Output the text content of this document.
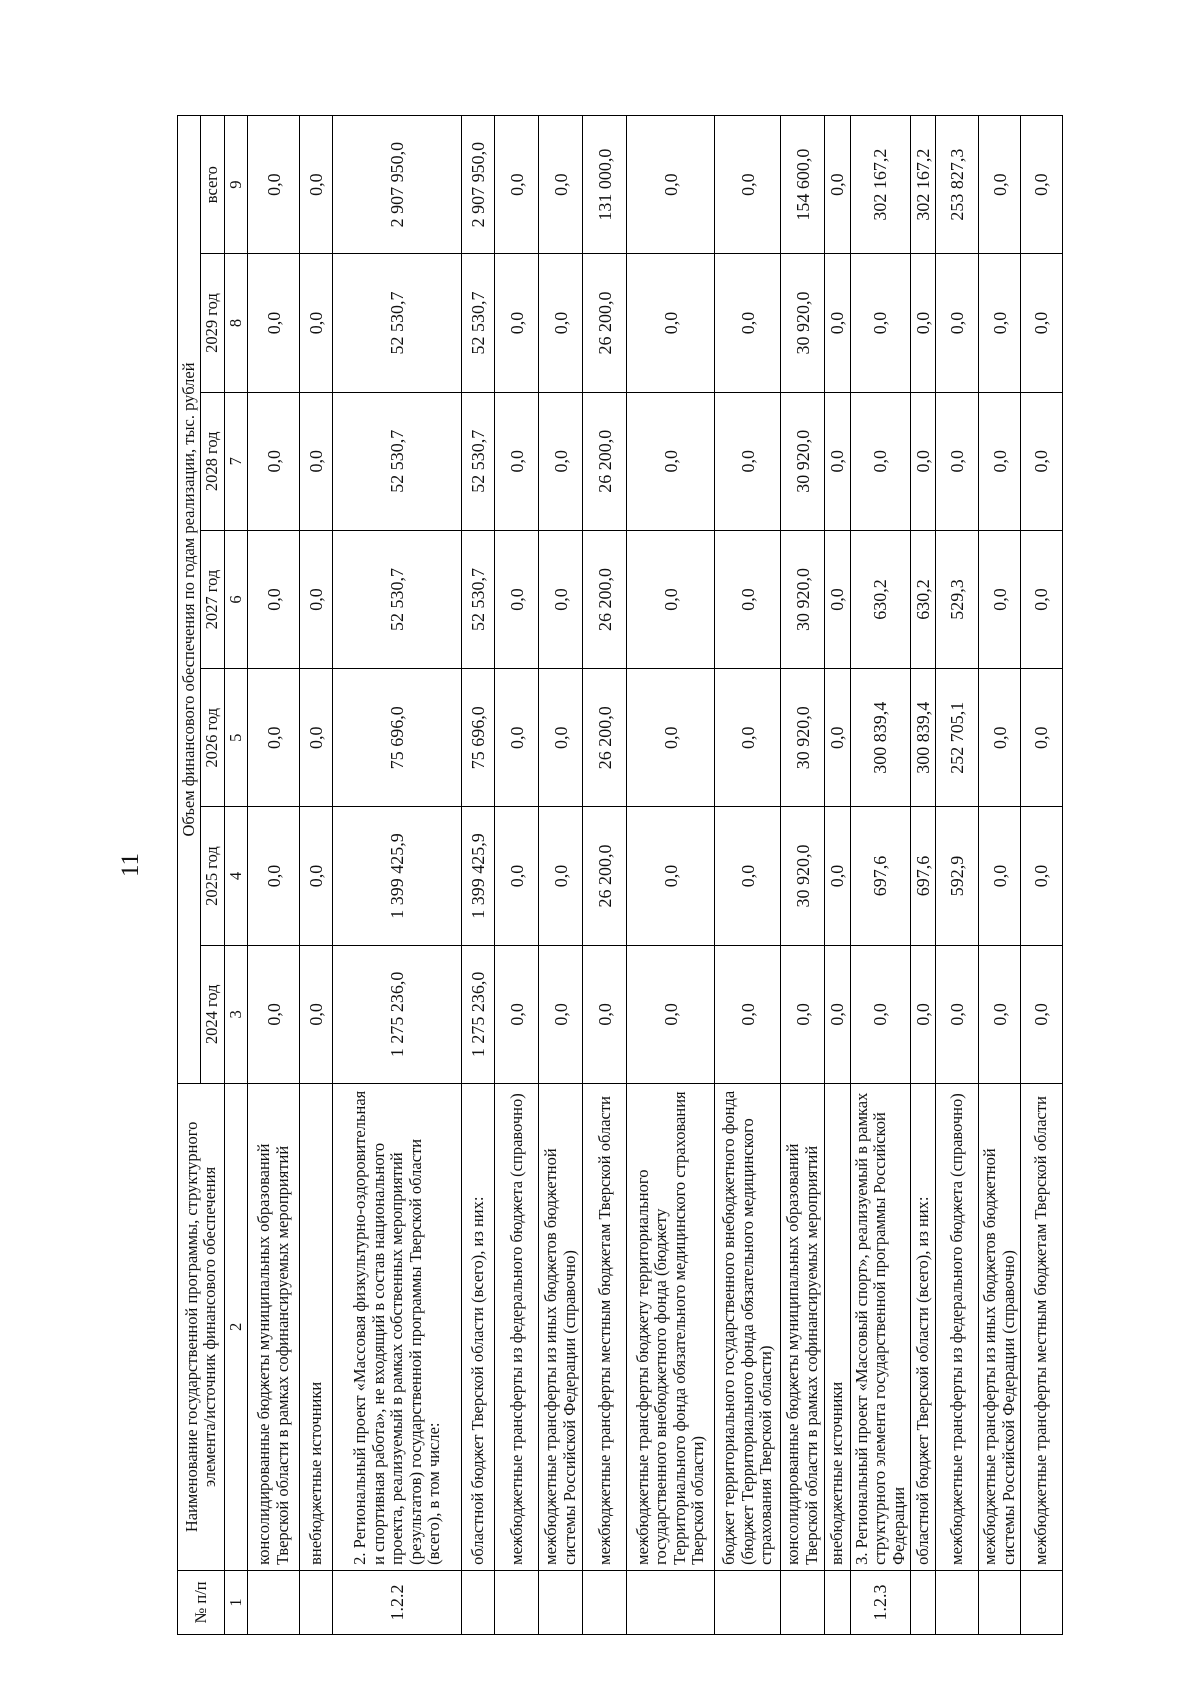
11
№ п/п	Наименование государственной программы, структурного элемента/источник финансового обеспечения	Объем финансового обеспечения по годам реализации, тыс. рублей						
		2024 год	2025 год	2026 год	2027 год	2028 год	2029 год	всего
1	2	3	4	5	6	7	8	9
	консолидированные бюджеты муниципальных образований Тверской области в рамках софинансируемых мероприятий	0,0	0,0	0,0	0,0	0,0	0,0	0,0
	внебюджетные источники	0,0	0,0	0,0	0,0	0,0	0,0	0,0
1.2.2	2. Региональный проект «Массовая физкультурно-оздоровительная и спортивная работа», не входящий в состав национального проекта, реализуемый в рамках собственных мероприятий (результатов) государственной программы Тверской области (всего), в том числе:	1 275 236,0	1 399 425,9	75 696,0	52 530,7	52 530,7	52 530,7	2 907 950,0
	областной бюджет Тверской области (всего), из них:	1 275 236,0	1 399 425,9	75 696,0	52 530,7	52 530,7	52 530,7	2 907 950,0
	межбюджетные трансферты из федерального бюджета (справочно)	0,0	0,0	0,0	0,0	0,0	0,0	0,0
	межбюджетные трансферты из иных бюджетов бюджетной системы Российской Федерации (справочно)	0,0	0,0	0,0	0,0	0,0	0,0	0,0
	межбюджетные трансферты местным бюджетам Тверской области	0,0	26 200,0	26 200,0	26 200,0	26 200,0	26 200,0	131 000,0
	межбюджетные трансферты бюджету территориального государственного внебюджетного фонда (бюджету Территориального фонда обязательного медицинского страхования Тверской области)	0,0	0,0	0,0	0,0	0,0	0,0	0,0
	бюджет территориального государственного внебюджетного фонда (бюджет Территориального фонда обязательного медицинского страхования Тверской области)	0,0	0,0	0,0	0,0	0,0	0,0	0,0
	консолидированные бюджеты муниципальных образований Тверской области в рамках софинансируемых мероприятий	0,0	30 920,0	30 920,0	30 920,0	30 920,0	30 920,0	154 600,0
	внебюджетные источники	0,0	0,0	0,0	0,0	0,0	0,0	0,0
1.2.3	3. Региональный проект «Массовый спорт», реализуемый в рамках структурного элемента государственной программы Российской Федерации	0,0	697,6	300 839,4	630,2	0,0	0,0	302 167,2
	областной бюджет Тверской области (всего), из них:	0,0	697,6	300 839,4	630,2	0,0	0,0	302 167,2
	межбюджетные трансферты из федерального бюджета (справочно)	0,0	592,9	252 705,1	529,3	0,0	0,0	253 827,3
	межбюджетные трансферты из иных бюджетов бюджетной системы Российской Федерации (справочно)	0,0	0,0	0,0	0,0	0,0	0,0	0,0
	межбюджетные трансферты местным бюджетам Тверской области	0,0	0,0	0,0	0,0	0,0	0,0	0,0
